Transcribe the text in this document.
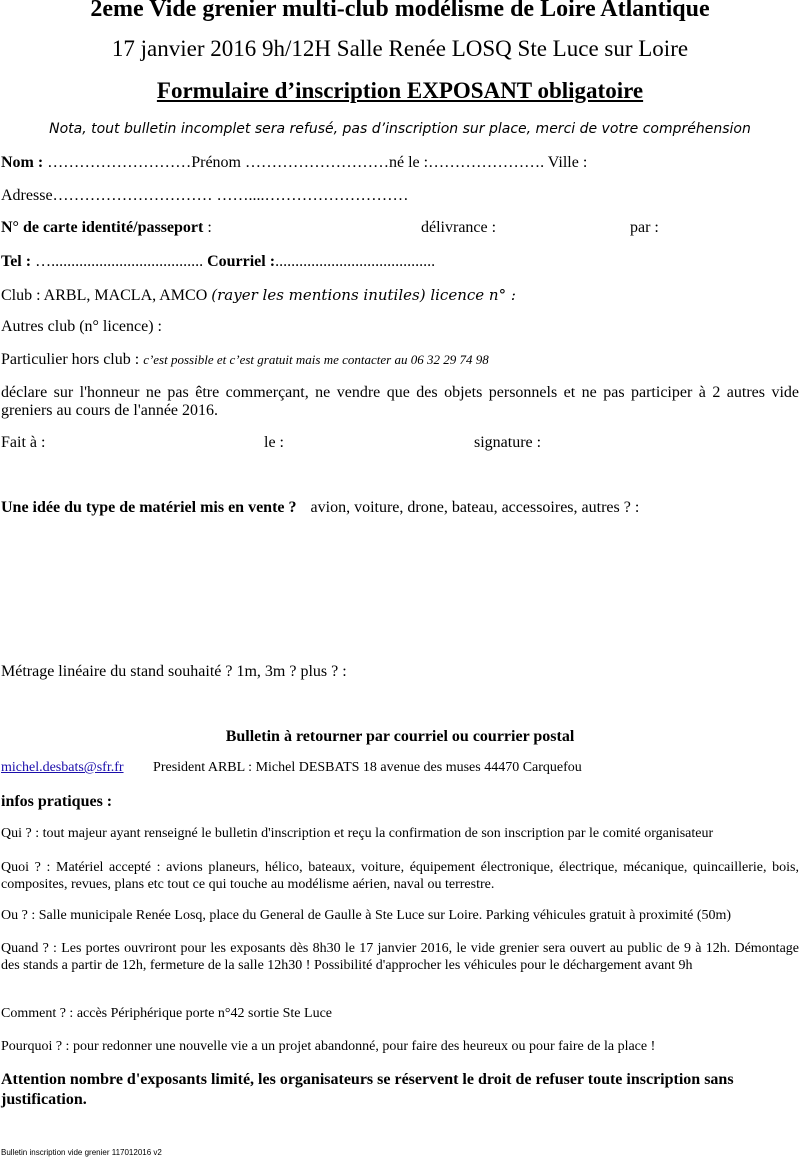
2eme Vide grenier multi-club modélisme de Loire Atlantique
17 janvier 2016 9h/12H Salle Renée LOSQ Ste Luce sur Loire
Formulaire d’inscription EXPOSANT obligatoire
Nota, tout bulletin incomplet sera refusé, pas d’inscription sur place, merci de votre compréhension
Nom : ………………………Prénom ………………………né le :…………………. Ville :
Adresse………………………… ……....………………………
N° de carte identité/passeport :	délivrance :	par :
Tel : …...................................... Courriel :........................................
Club : ARBL, MACLA, AMCO (rayer les mentions inutiles) licence n° :
Autres club (n° licence) :
Particulier hors club : c’est possible et c’est gratuit mais me contacter au 06 32 29 74 98
déclare sur l'honneur ne pas être commerçant, ne vendre que des objets personnels et ne pas participer à 2 autres vide greniers au cours de l'année 2016.
Fait à :	le :	signature :
Une idée du type de matériel mis en vente ? avion, voiture, drone, bateau, accessoires, autres ? :
Métrage linéaire du stand souhaité ? 1m, 3m ? plus ? :
Bulletin à retourner par courriel ou courrier postal
michel.desbats@sfr.fr President ARBL : Michel DESBATS 18 avenue des muses 44470 Carquefou
infos pratiques :
Qui ? : tout majeur ayant renseigné le bulletin d'inscription et reçu la confirmation de son inscription par le comité organisateur
Quoi ? : Matériel accepté : avions planeurs, hélico, bateaux, voiture, équipement électronique, électrique, mécanique, quincaillerie, bois, composites, revues, plans etc tout ce qui touche au modélisme aérien, naval ou terrestre.
Ou ? : Salle municipale Renée Losq, place du General de Gaulle à Ste Luce sur Loire. Parking véhicules gratuit à proximité (50m)
Quand ? : Les portes ouvriront pour les exposants dès 8h30 le 17 janvier 2016, le vide grenier sera ouvert au public de 9 à 12h. Démontage des stands a partir de 12h, fermeture de la salle 12h30 ! Possibilité d'approcher les véhicules pour le déchargement avant 9h
Comment ? : accès Périphérique porte n°42 sortie Ste Luce
Pourquoi ? : pour redonner une nouvelle vie a un projet abandonné, pour faire des heureux ou pour faire de la place !
Attention nombre d'exposants limité, les organisateurs se réservent le droit de refuser toute inscription sans justification.
Bulletin inscription vide grenier 117012016 v2
